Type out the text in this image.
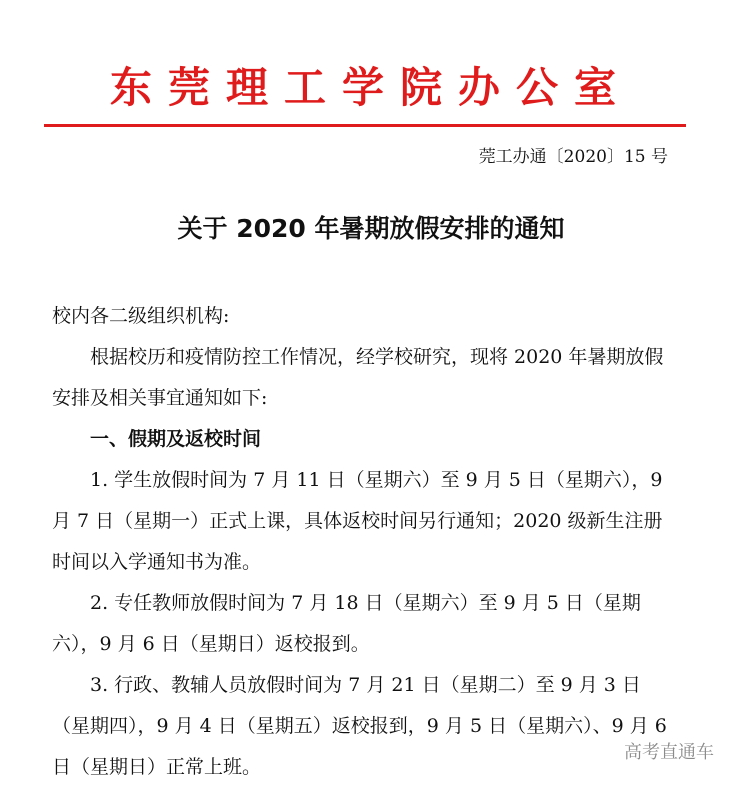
东莞理工学院办公室
莞工办通〔2020〕15 号
关于 2020 年暑期放假安排的通知

校内各二级组织机构:

根据校历和疫情防控工作情况，经学校研究，现将 2020 年暑期放假安排及相关事宜通知如下:

一、假期及返校时间

1. 学生放假时间为 7 月 11 日（星期六）至 9 月 5 日（星期六），9 月 7 日（星期一）正式上课，具体返校时间另行通知；2020 级新生注册时间以入学通知书为准。

2. 专任教师放假时间为 7 月 18 日（星期六）至 9 月 5 日（星期六），9 月 6 日（星期日）返校报到。

3. 行政、教辅人员放假时间为 7 月 21 日（星期二）至 9 月 3 日（星期四），9 月 4 日（星期五）返校报到，9 月 5 日（星期六）、9 月 6 日（星期日）正常上班。

高考直通车
